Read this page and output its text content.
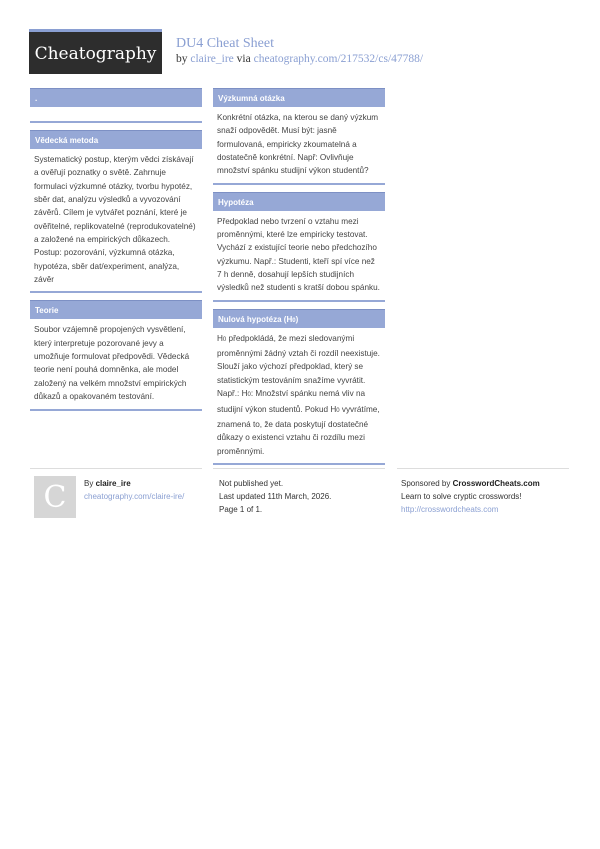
Cheatography
DU4 Cheat Sheet
by claire_ire via cheatography.com/217532/cs/47788/
.
Vědecká metoda
Systematický postup, kterým vědci získávají a ověřují poznatky o světě. Zahrnuje formulaci výzkumné otázky, tvorbu hypotéz, sběr dat, analýzu výsledků a vyvozování závěrů. Cílem je vytvářet poznání, které je ověřitelné, replikovatelné (reprodukovatelné) a založené na empirických důkazech. Postup: pozorování, výzkumná otázka, hypotéza, sběr dat/experiment, analýza, závěr
Teorie
Soubor vzájemně propojených vysvětlení, který interpretuje pozorované jevy a umožňuje formulovat předpovědi. Vědecká teorie není pouhá domněnka, ale model založený na velkém množství empirických důkazů a opakovaném testování.
Výzkumná otázka
Konkrétní otázka, na kterou se daný výzkum snaží odpovědět. Musí být: jasně formulovaná, empiricky zkoumatelná a dostatečně konkrétní. Např: Ovlivňuje množství spánku studijní výkon studentů?
Hypotéza
Předpoklad nebo tvrzení o vztahu mezi proměnnými, které lze empiricky testovat. Vychází z existující teorie nebo předchozího výzkumu. Např.: Studenti, kteří spí více než 7 h denně, dosahují lepších studijních výsledků než studenti s kratší dobou spánku.
Nulová hypotéza (H0)
H0 předpokládá, že mezi sledovanými proměnnými žádný vztah či rozdíl neexistuje. Slouží jako výchozí předpoklad, který se statistickým testováním snažíme vyvrátit. Např.: H0: Množství spánku nemá vliv na studijní výkon studentů. Pokud H0 vyvrátíme, znamená to, že data poskytují dostatečné důkazy o existenci vztahu či rozdílu mezi proměnnými.
C	By claire_ire
cheatography.com/claire-ire/
Not published yet.
Last updated 11th March, 2026.
Page 1 of 1.
Sponsored by CrosswordCheats.com
Learn to solve cryptic crosswords!
http://crosswordcheats.com
